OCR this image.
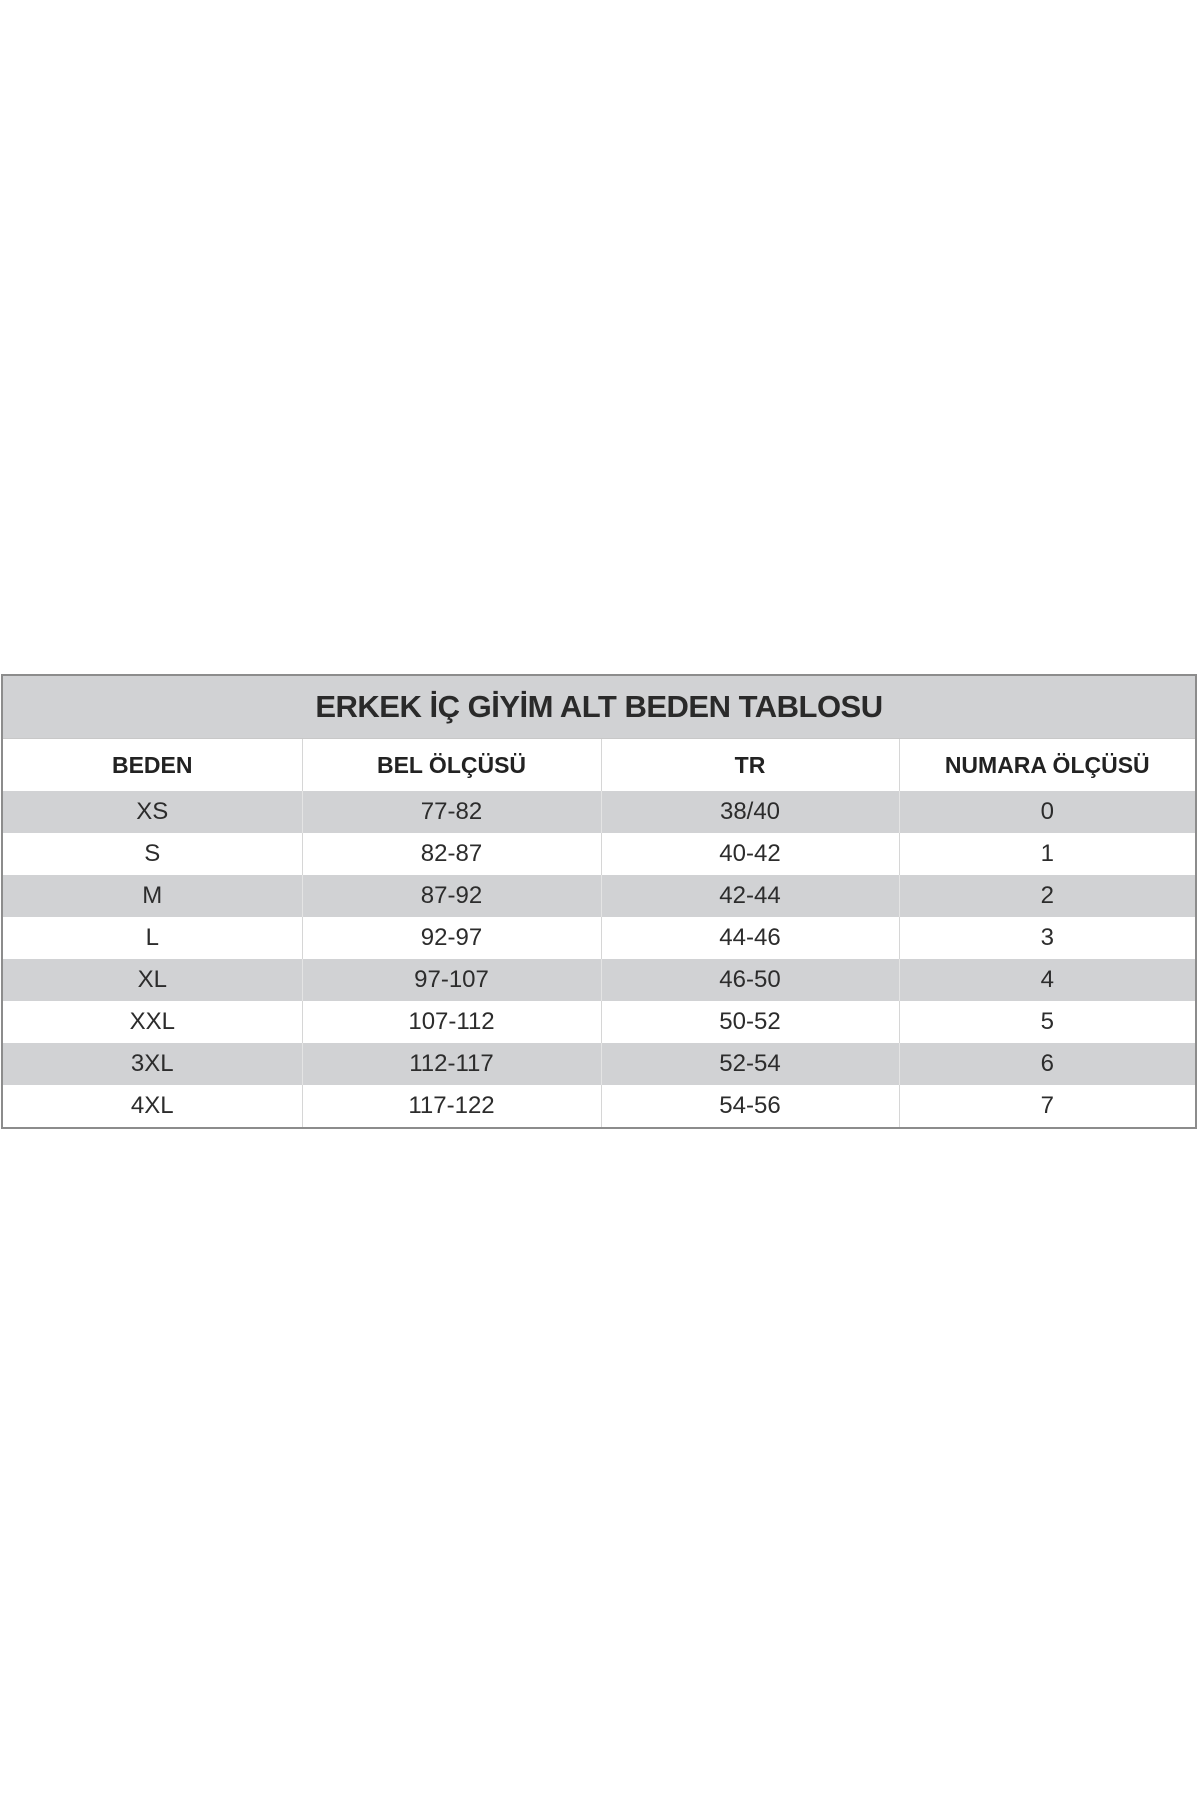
ERKEK İÇ GİYİM ALT BEDEN TABLOSU
BEDEN	BEL ÖLÇÜSÜ	TR	NUMARA ÖLÇÜSÜ
XS	77-82	38/40	0
S	82-87	40-42	1
M	87-92	42-44	2
L	92-97	44-46	3
XL	97-107	46-50	4
XXL	107-112	50-52	5
3XL	112-117	52-54	6
4XL	117-122	54-56	7
